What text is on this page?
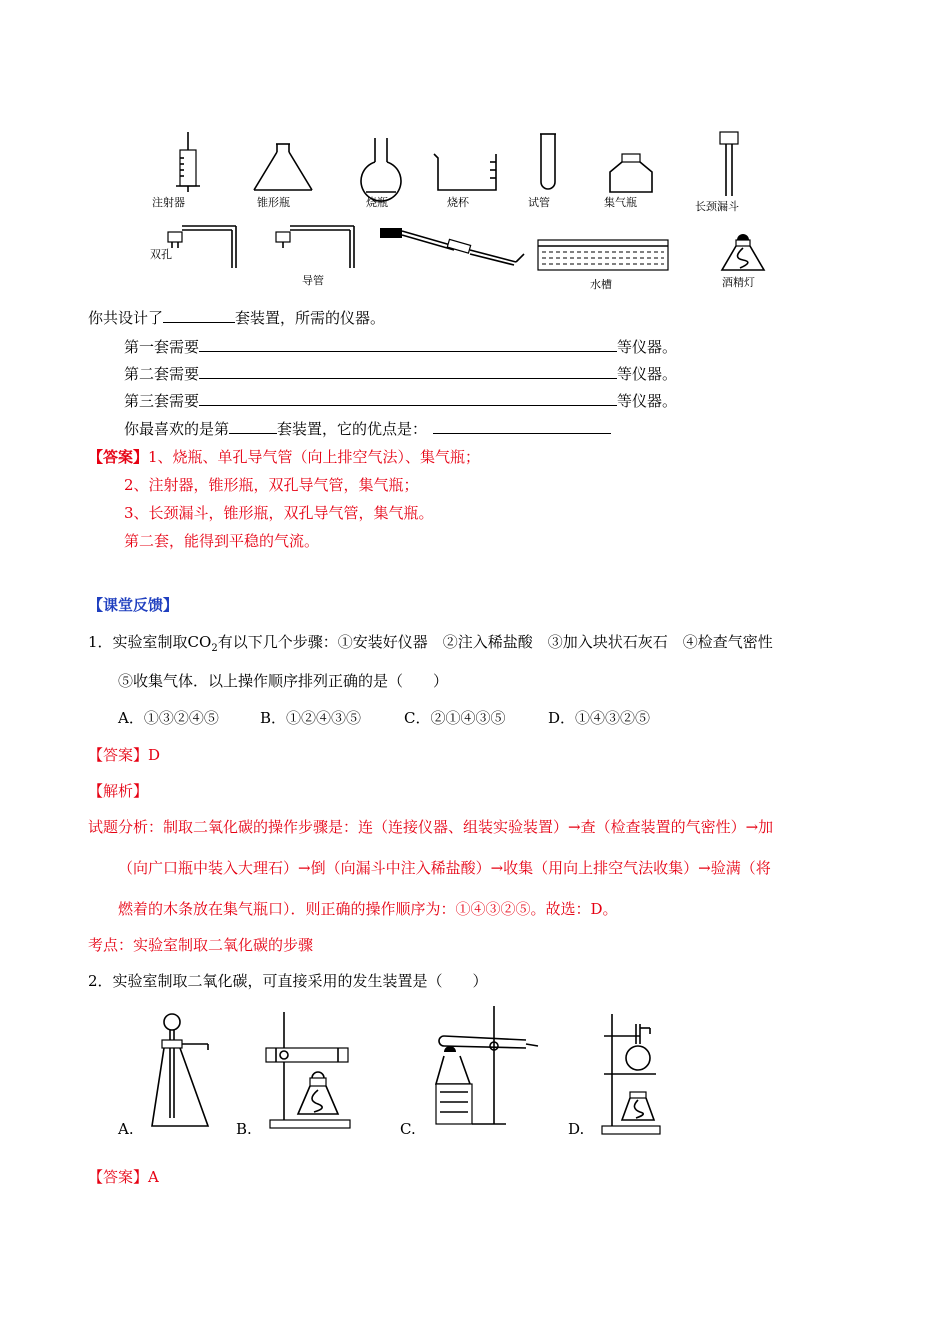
注射器	锥形瓶	烧瓶	烧杯	试管	集气瓶	长颈漏斗
双孔
导管	水槽	酒精灯
你共设计了	套装置，所需的仪器。
第一套需要	等仪器。
第二套需要	等仪器。
第三套需要	等仪器。
你最喜欢的是第	套装置，它的优点是：
【答案】1、烧瓶、单孔导气管（向上排空气法）、集气瓶；
2、注射器，锥形瓶，双孔导气管，集气瓶；
3、长颈漏斗，锥形瓶，双孔导气管，集气瓶。
第二套，能得到平稳的气流。
【课堂反馈】
1．实验室制取$CO_2$有以下几个步骤：①安装好仪器　②注入稀盐酸　③加入块状石灰石　④检查气密性
⑤收集气体．以上操作顺序排列正确的是（　　）
A．①③②④⑤	B．①②④③⑤	C．②①④③⑤	D．①④③②⑤
【答案】D
【解析】
试题分析：制取二氧化碳的操作步骤是：连（连接仪器、组装实验装置）→查（检查装置的气密性）→加
（向广口瓶中装入大理石）→倒（向漏斗中注入稀盐酸）→收集（用向上排空气法收集）→验满（将
燃着的木条放在集气瓶口）．则正确的操作顺序为：①④③②⑤。故选：D。
考点：实验室制取二氧化碳的步骤
2．实验室制取二氧化碳，可直接采用的发生装置是（　　）
A.	B.	C.	D.
【答案】A
